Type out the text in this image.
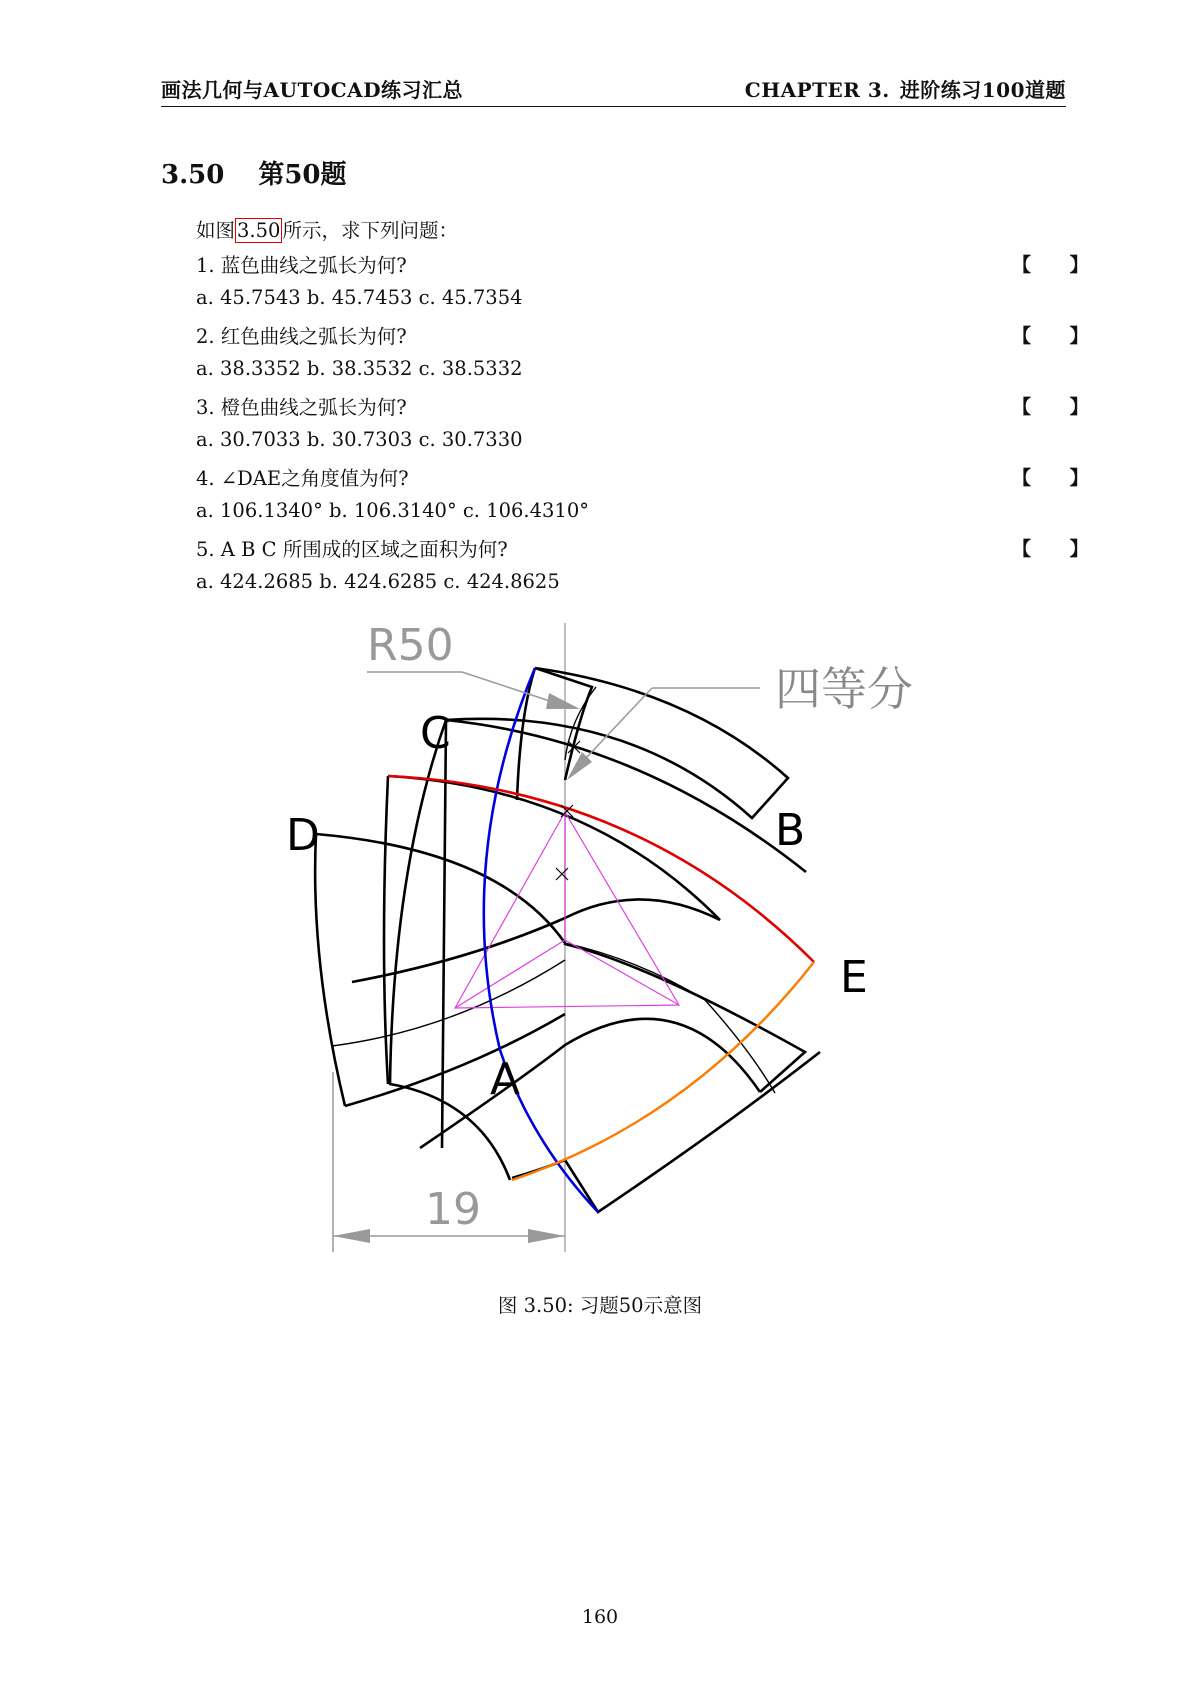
画法几何与AUTOCAD练习汇总	CHAPTER 3. 进阶练习100道题
3.50 第50题
如图 3.50 所示，求下列问题：
1. 蓝色曲线之弧长为何?	【 】
a. 45.7543 b. 45.7453 c. 45.7354
2. 红色曲线之弧长为何?	【 】
a. 38.3352 b. 38.3532 c. 38.5332
3. 橙色曲线之弧长为何?	【 】
a. 30.7033 b. 30.7303 c. 30.7330
4. ∠DAE之角度值为何?	【 】
a. 106.1340° b. 106.3140° c. 106.4310°
5. A B C 所围成的区域之面积为何?	【 】
a. 424.2685 b. 424.6285 c. 424.8625
R50
四等分
19
C
B
D
E
A
图 3.50: 习题50示意图
160
